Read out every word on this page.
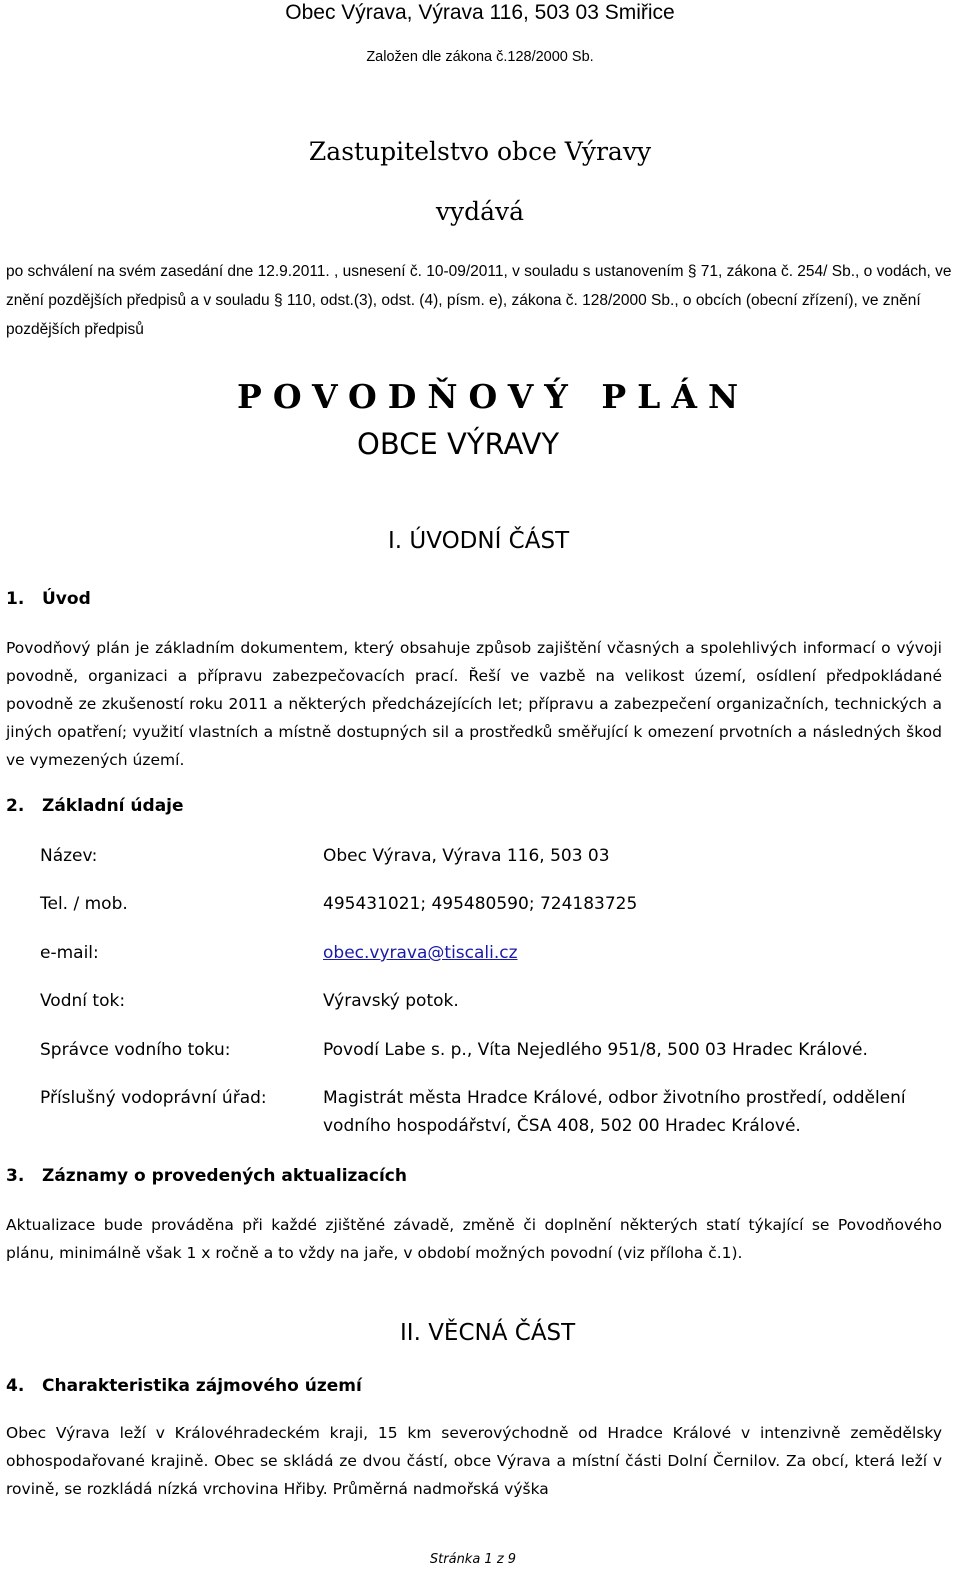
Obec Výrava, Výrava 116, 503 03 Smiřice

Založen dle zákona č.128/2000 Sb.

Zastupitelstvo obce Výravy

vydává

po schválení na svém zasedání dne 12.9.2011. , usnesení č. 10-09/2011, v souladu s ustanovením § 71, zákona č. 254/ Sb., o vodách, ve znění pozdějších předpisů a v souladu § 110, odst.(3), odst. (4), písm. e), zákona č. 128/2000 Sb., o obcích (obecní zřízení), ve znění pozdějších předpisů

POVODŇOVÝ PLÁN

OBCE VÝRAVY

I. ÚVODNÍ ČÁST

1. Úvod

Povodňový plán je základním dokumentem, který obsahuje způsob zajištění včasných a spolehlivých informací o vývoji povodně, organizaci a přípravu zabezpečovacích prací. Řeší ve vazbě na velikost území, osídlení předpokládané povodně ze zkušeností roku 2011 a některých předcházejících let; přípravu a zabezpečení organizačních, technických a jiných opatření; využití vlastních a místně dostupných sil a prostředků směřující k omezení prvotních a následných škod ve vymezených území.

2. Základní údaje

Název:	Obec Výrava, Výrava 116, 503 03
Tel. / mob.	495431021; 495480590; 724183725
e-mail:	obec.vyrava@tiscali.cz
Vodní tok:	Výravský potok.
Správce vodního toku:	Povodí Labe s. p., Víta Nejedlého 951/8, 500 03 Hradec Králové.
Příslušný vodoprávní úřad:	Magistrát města Hradce Králové, odbor životního prostředí, oddělení vodního hospodářství, ČSA 408, 502 00 Hradec Králové.

3. Záznamy o provedených aktualizacích

Aktualizace bude prováděna při každé zjištěné závadě, změně či doplnění některých statí týkající se Povodňového plánu, minimálně však 1 x ročně a to vždy na jaře, v období možných povodní (viz příloha č.1).

II. VĚCNÁ ČÁST

4. Charakteristika zájmového území

Obec Výrava leží v Královéhradeckém kraji, 15 km severovýchodně od Hradce Králové v intenzivně zemědělsky obhospodařované krajině. Obec se skládá ze dvou částí, obce Výrava a místní části Dolní Černilov. Za obcí, která leží v rovině, se rozkládá nízká vrchovina Hřiby. Průměrná nadmořská výška

Stránka 1 z 9
